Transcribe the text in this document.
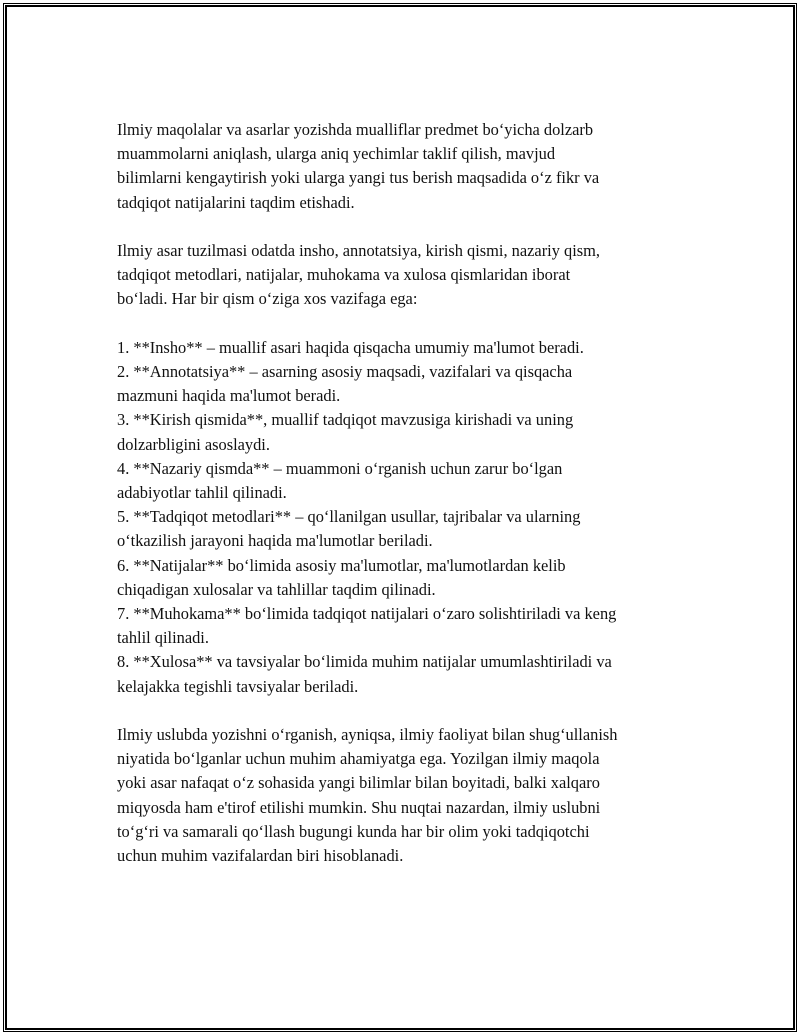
Ilmiy maqolalar va asarlar yozishda mualliflar predmet bo‘yicha dolzarb
muammolarni aniqlash, ularga aniq yechimlar taklif qilish, mavjud
bilimlarni kengaytirish yoki ularga yangi tus berish maqsadida o‘z fikr va
tadqiqot natijalarini taqdim etishadi.

Ilmiy asar tuzilmasi odatda insho, annotatsiya, kirish qismi, nazariy qism,
tadqiqot metodlari, natijalar, muhokama va xulosa qismlaridan iborat
bo‘ladi. Har bir qism o‘ziga xos vazifaga ega:

1. **Insho** – muallif asari haqida qisqacha umumiy ma'lumot beradi.
2. **Annotatsiya** – asarning asosiy maqsadi, vazifalari va qisqacha
mazmuni haqida ma'lumot beradi.
3. **Kirish qismida**, muallif tadqiqot mavzusiga kirishadi va uning
dolzarbligini asoslaydi.
4. **Nazariy qismda** – muammoni o‘rganish uchun zarur bo‘lgan
adabiyotlar tahlil qilinadi.
5. **Tadqiqot metodlari** – qo‘llanilgan usullar, tajribalar va ularning
o‘tkazilish jarayoni haqida ma'lumotlar beriladi.
6. **Natijalar** bo‘limida asosiy ma'lumotlar, ma'lumotlardan kelib
chiqadigan xulosalar va tahlillar taqdim qilinadi.
7. **Muhokama** bo‘limida tadqiqot natijalari o‘zaro solishtiriladi va keng
tahlil qilinadi.
8. **Xulosa** va tavsiyalar bo‘limida muhim natijalar umumlashtiriladi va
kelajakka tegishli tavsiyalar beriladi.

Ilmiy uslubda yozishni o‘rganish, ayniqsa, ilmiy faoliyat bilan shug‘ullanish
niyatida bo‘lganlar uchun muhim ahamiyatga ega. Yozilgan ilmiy maqola
yoki asar nafaqat o‘z sohasida yangi bilimlar bilan boyitadi, balki xalqaro
miqyosda ham e'tirof etilishi mumkin. Shu nuqtai nazardan, ilmiy uslubni
to‘g‘ri va samarali qo‘llash bugungi kunda har bir olim yoki tadqiqotchi
uchun muhim vazifalardan biri hisoblanadi.
